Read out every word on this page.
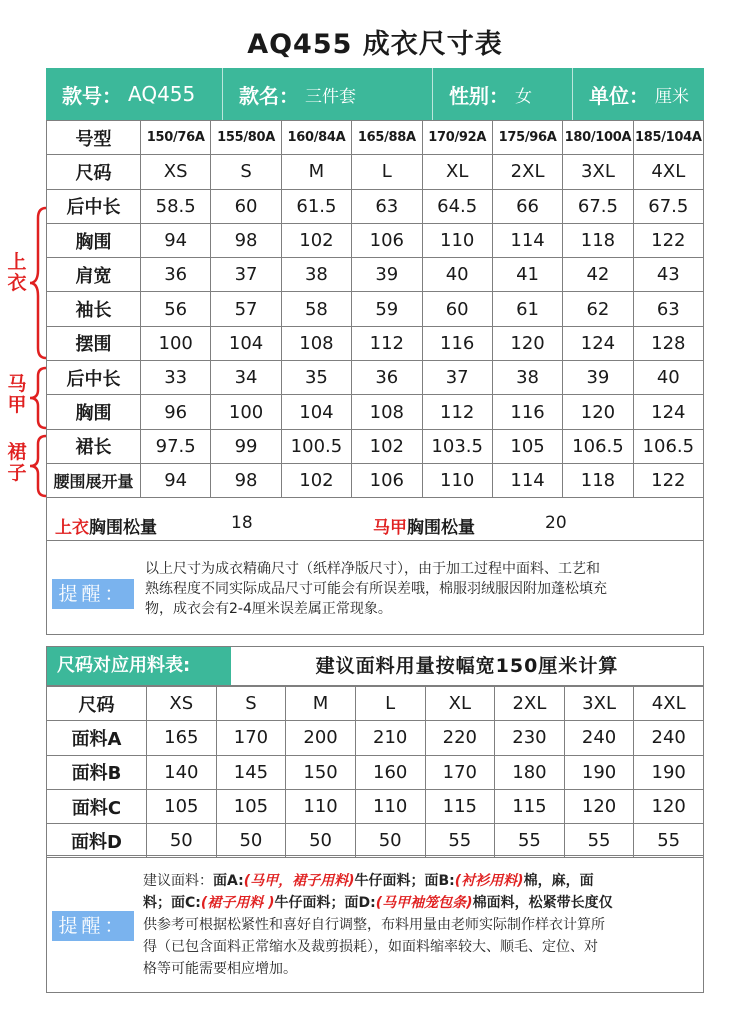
AQ455 成衣尺寸表
款号： AQ455 款名： 三件套	性别： 女	单位： 厘米
号型	150/76A	155/80A	160/84A	165/88A	170/92A	175/96A	180/100A	185/104A
尺码	XS	S	M	L	XL	2XL	3XL	4XL
后中长	58.5	60	61.5	63	64.5	66	67.5	67.5
胸围	94	98	102	106	110	114	118	122
肩宽	36	37	38	39	40	41	42	43
袖长	56	57	58	59	60	61	62	63
摆围	100	104	108	112	116	120	124	128
后中长	33	34	35	36	37	38	39	40
胸围	96	100	104	108	112	116	120	124
裙长	97.5	99	100.5	102	103.5	105	106.5	106.5
腰围展开量	94	98	102	106	110	114	118	122
上
衣
马
甲
裙
子
上衣胸围松量	18	马甲胸围松量	20
提醒：
以上尺寸为成衣精确尺寸（纸样净版尺寸），由于加工过程中面料、工艺和
熟练程度不同实际成品尺寸可能会有所误差哦，棉服羽绒服因附加蓬松填充
物，成衣会有2-4厘米误差属正常现象。
尺码对应用料表:	建议面料用量按幅宽150厘米计算
尺码	XS	S	M	L	XL	2XL	3XL	4XL
面料A	165	170	200	210	220	230	240	240
面料B	140	145	150	160	170	180	190	190
面料C	105	105	110	110	115	115	120	120
面料D	50	50	50	50	55	55	55	55
提醒：
建议面料：面A:(马甲，裙子用料)牛仔面料；面B:(衬衫用料)棉，麻，面
料；面C:(裙子用料 )牛仔面料；面D:(马甲袖笼包条)棉面料，松紧带长度仅
供参考可根据松紧性和喜好自行调整，布料用量由老师实际制作样衣计算所
得（已包含面料正常缩水及裁剪损耗），如面料缩率较大、顺毛、定位、对
格等可能需要相应增加。
